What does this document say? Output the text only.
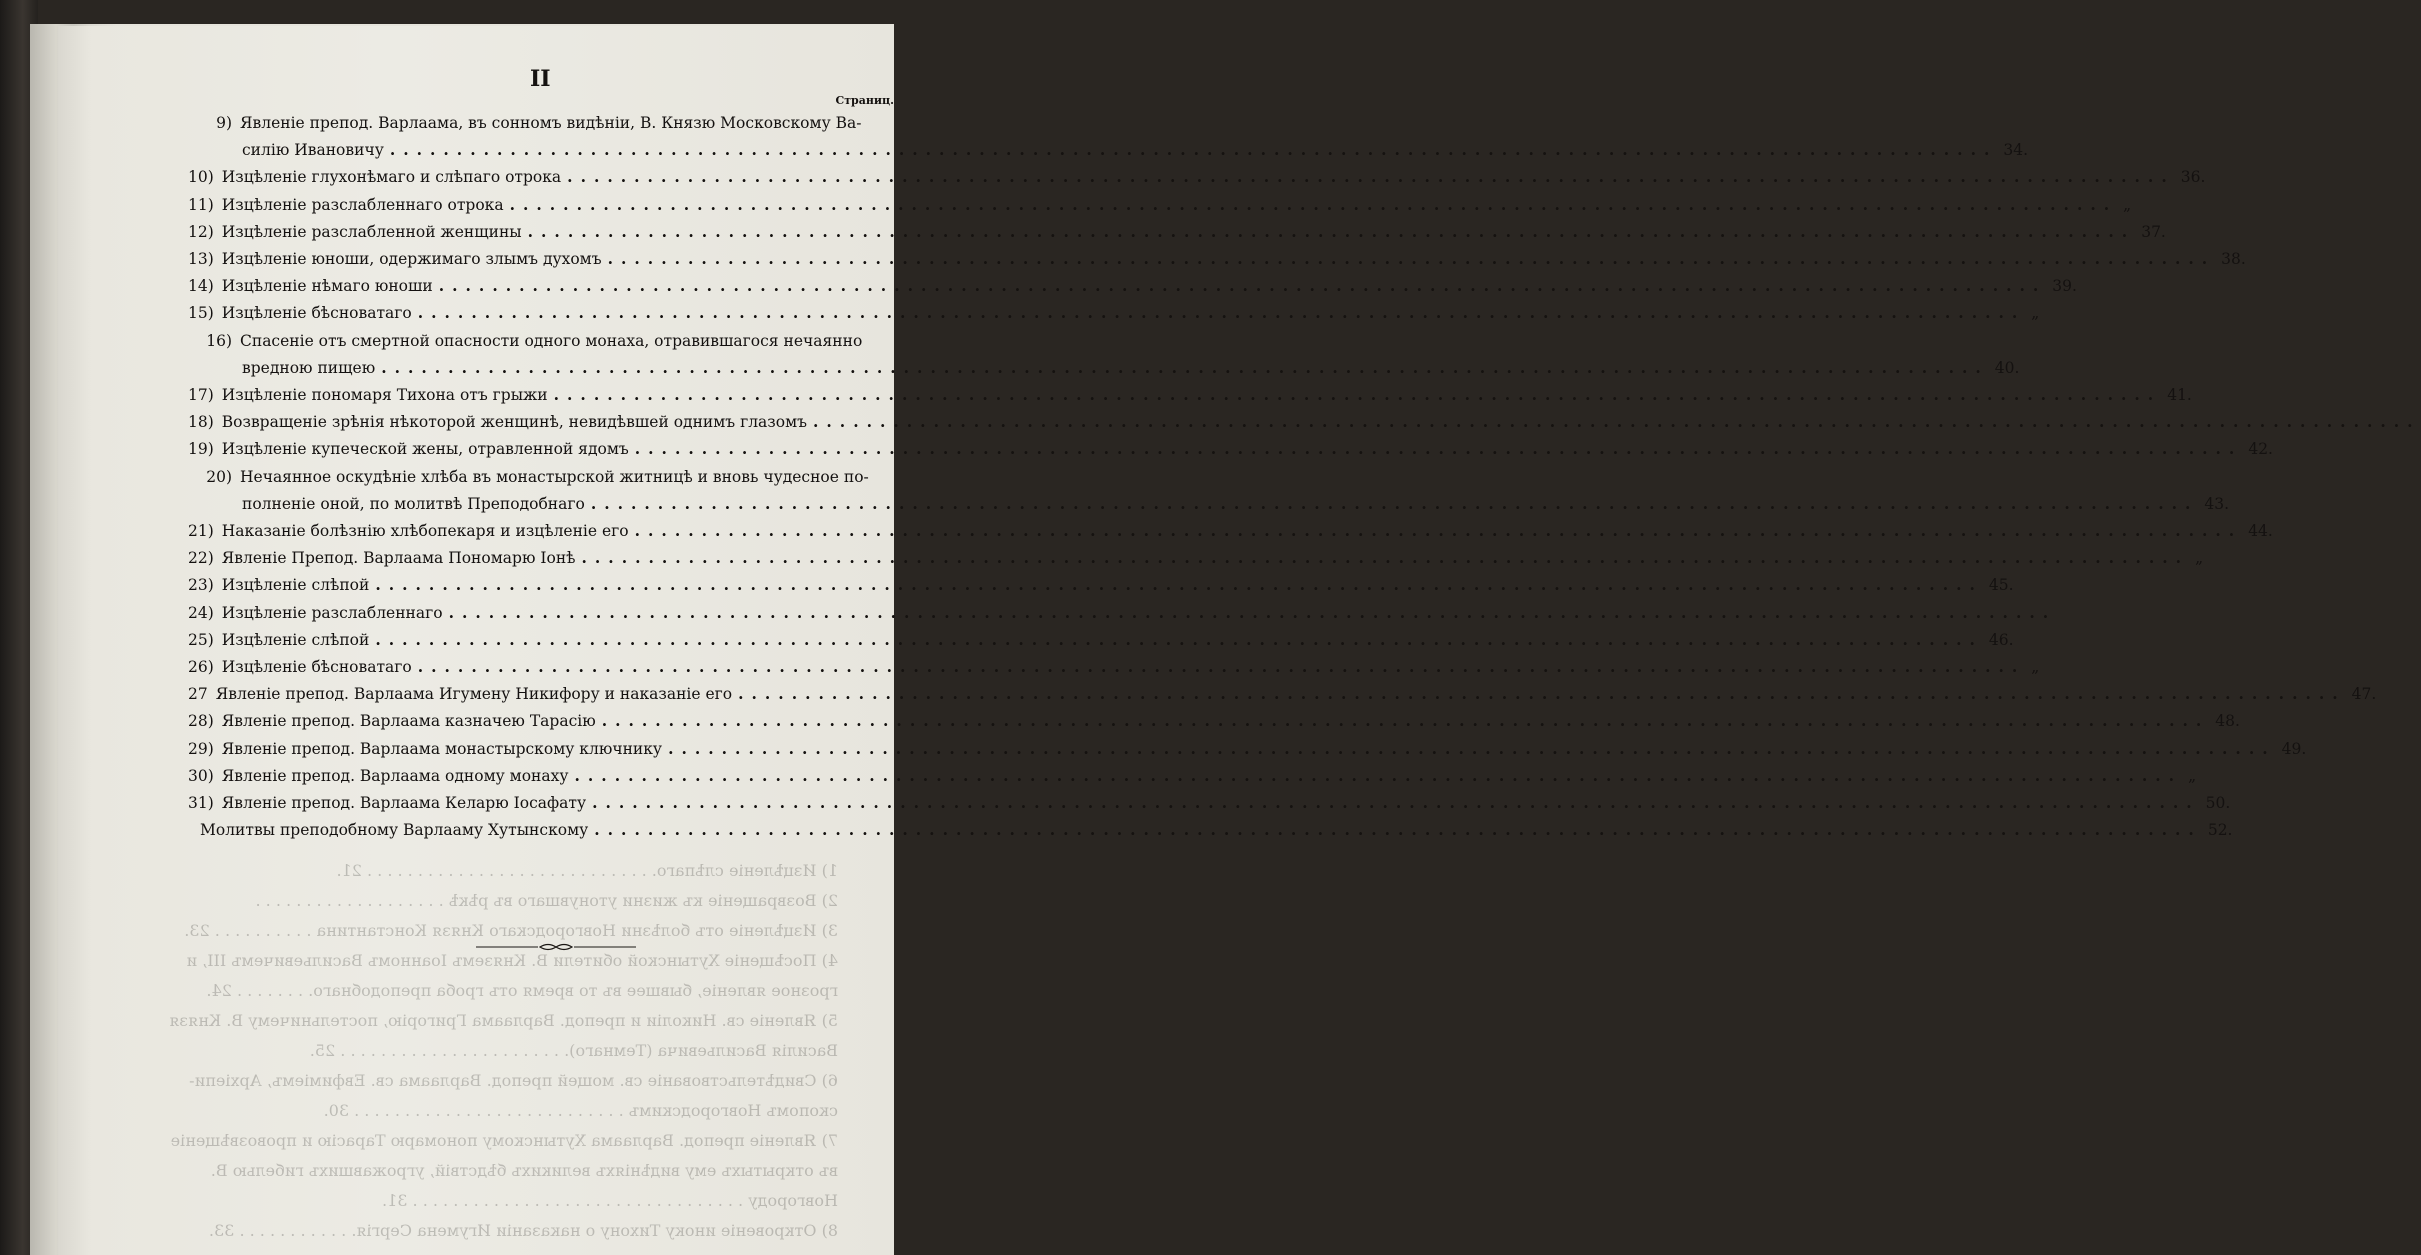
1) Изцѣленіе слѣпаго. . . . . . . . . . . . . . . . . . . . . . . . . . . . . 21.
2) Возвращеніе къ жизни утонувшаго въ рѣкѣ . . . . . . . . . . . . . . . . . . .
3) Изцѣленіе отъ болѣзни Новгородскаго Князя Константина . . . . . . . . . . 23.
4) Посѣщеніе Хутынской обители В. Княземъ Іоанномъ Васильевичемъ III, и
грозное явленіе, бывшее въ то время отъ гроба преподобнаго. . . . . . . . 24.
5) Явленіе св. Николіи и препод. Варлаама Григорію, постельничему В. Князя
Василія Васильевича (Темнаго). . . . . . . . . . . . . . . . . . . . . . . 25.
6) Свидѣтельствованіе св. мощей препод. Варлаама св. Евфиміемъ, Архіепи-
скопомъ Новгородскимъ . . . . . . . . . . . . . . . . . . . . . . . . . . . 30.
7) Явленіе препод. Варлаама Хутынскому пономарю Тарасію и провозвѣщеніе
въ открытыхъ ему видѣніяхъ великихъ бѣдствій, угрожавшихъ гибелью В.
Новгороду . . . . . . . . . . . . . . . . . . . . . . . . . . . . . . . . . 31.
8) Откровеніе иноку Тихону о наказаніи Игумена Сергія. . . . . . . . . . . . 33.
II
Страниц.
9) Явленіе препод. Варлаама, въ сонномъ видѣніи, В. Князю Московскому Ва-
силію Ивановичу ........................................................................................................................ 34.
10) Изцѣленіе глухонѣмаго и слѣпаго отрока ........................................................................................................................ 36.
11) Изцѣленіе разслабленнаго отрока ........................................................................................................................ „
12) Изцѣленіе разслабленной женщины ........................................................................................................................ 37.
13) Изцѣленіе юноши, одержимаго злымъ духомъ ........................................................................................................................ 38.
14) Изцѣленіе нѣмаго юноши ........................................................................................................................ 39.
15) Изцѣленіе бѣсноватаго ........................................................................................................................ „
16) Спасеніе отъ смертной опасности одного монаха, отравившагося нечаянно
вредною пищею ........................................................................................................................ 40.
17) Изцѣленіе пономаря Тихона отъ грыжи ........................................................................................................................ 41.
18) Возвращеніе зрѣнія нѣкоторой женщинѣ, невидѣвшей однимъ глазомъ ........................................................................................................................
19) Изцѣленіе купеческой жены, отравленной ядомъ ........................................................................................................................ 42.
20) Нечаянное оскудѣніе хлѣба въ монастырской житницѣ и вновь чудесное по-
полненіе оной, по молитвѣ Преподобнаго ........................................................................................................................ 43.
21) Наказаніе болѣзнію хлѣбопекаря и изцѣленіе его ........................................................................................................................ 44.
22) Явленіе Препод. Варлаама Пономарю Іонѣ ........................................................................................................................ „
23) Изцѣленіе слѣпой ........................................................................................................................ 45.
24) Изцѣленіе разслабленнаго ........................................................................................................................
25) Изцѣленіе слѣпой ........................................................................................................................ 46.
26) Изцѣленіе бѣсноватаго ........................................................................................................................ „
27 Явленіе препод. Варлаама Игумену Никифору и наказаніе его ........................................................................................................................ 47.
28) Явленіе препод. Варлаама казначею Тарасію ........................................................................................................................ 48.
29) Явленіе препод. Варлаама монастырскому ключнику ........................................................................................................................ 49.
30) Явленіе препод. Варлаама одному монаху ........................................................................................................................ „
31) Явленіе препод. Варлаама Келарю Іосафату ........................................................................................................................ 50.
Молитвы преподобному Варлааму Хутынскому ........................................................................................................................ 52.
